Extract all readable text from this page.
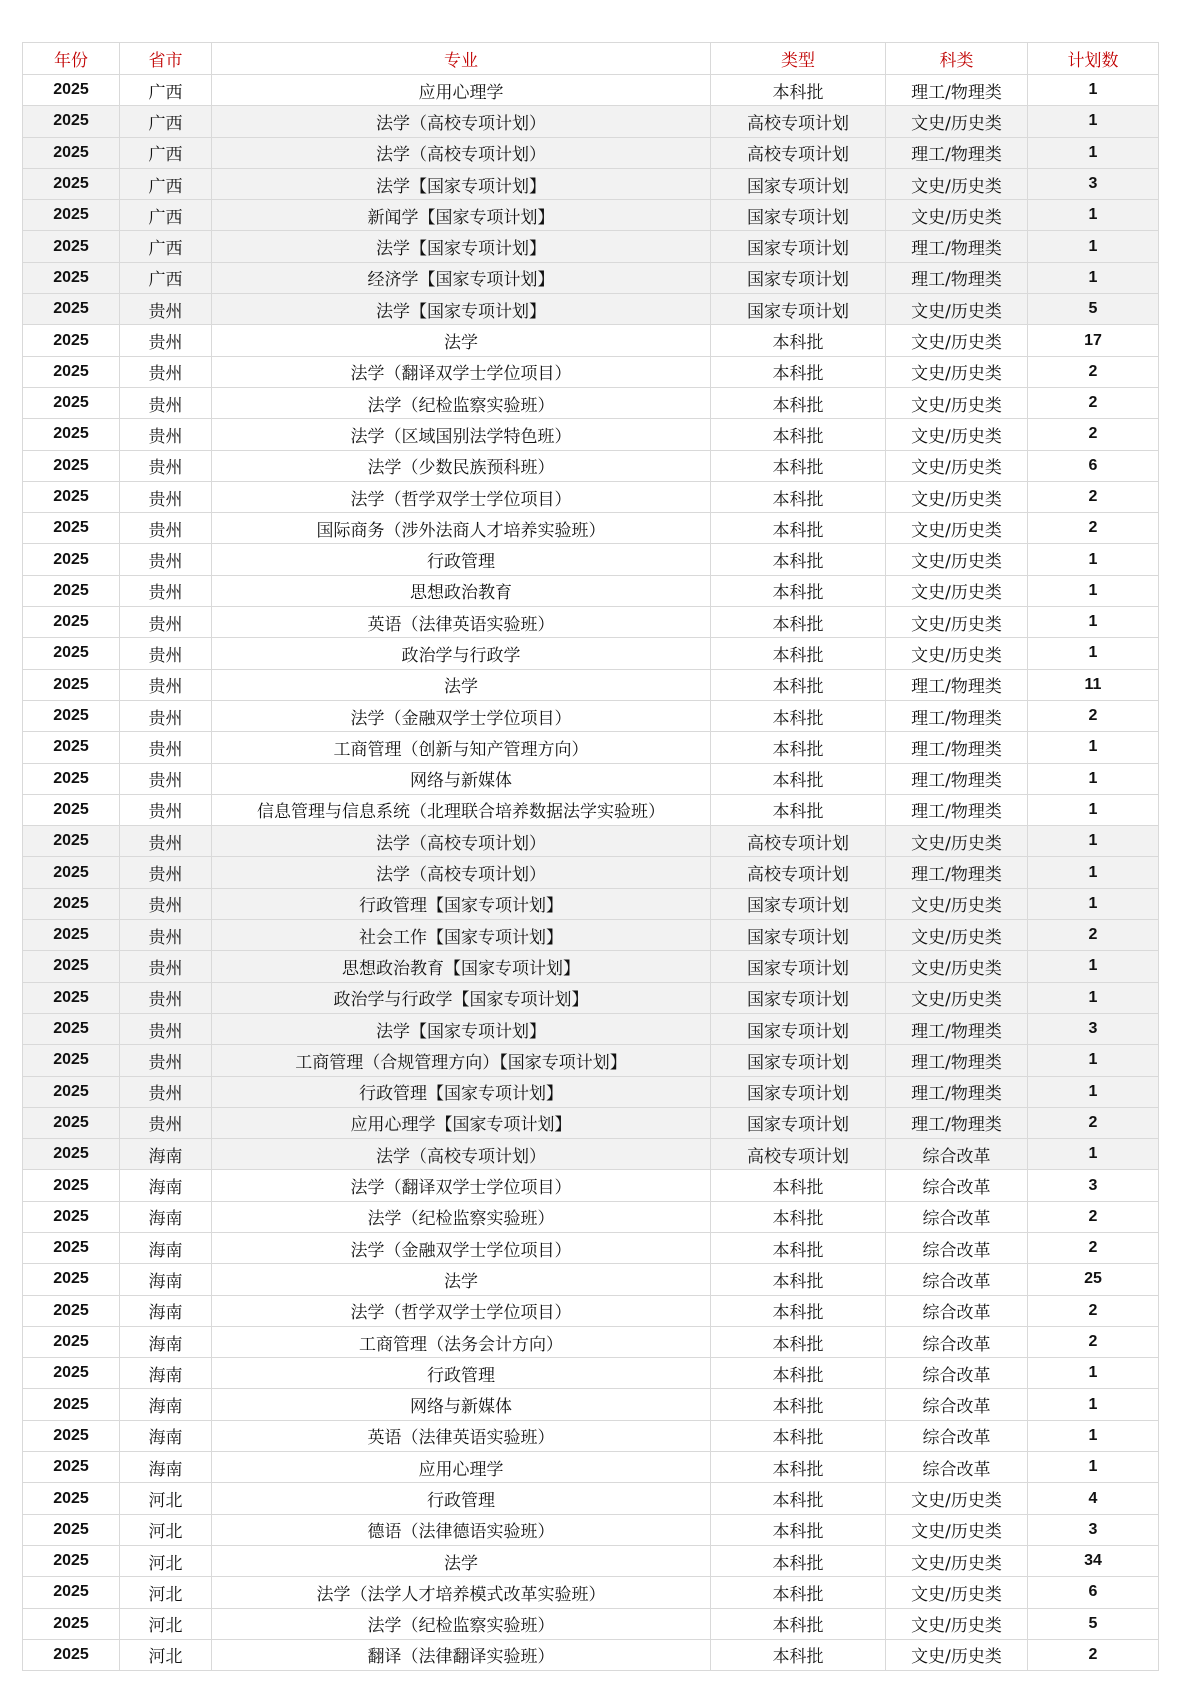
年份	省市	专业	类型	科类	计划数
2025	广西	应用心理学	本科批	理工/物理类	1
2025	广西	法学（高校专项计划）	高校专项计划	文史/历史类	1
2025	广西	法学（高校专项计划）	高校专项计划	理工/物理类	1
2025	广西	法学【国家专项计划】	国家专项计划	文史/历史类	3
2025	广西	新闻学【国家专项计划】	国家专项计划	文史/历史类	1
2025	广西	法学【国家专项计划】	国家专项计划	理工/物理类	1
2025	广西	经济学【国家专项计划】	国家专项计划	理工/物理类	1
2025	贵州	法学【国家专项计划】	国家专项计划	文史/历史类	5
2025	贵州	法学	本科批	文史/历史类	17
2025	贵州	法学（翻译双学士学位项目）	本科批	文史/历史类	2
2025	贵州	法学（纪检监察实验班）	本科批	文史/历史类	2
2025	贵州	法学（区域国别法学特色班）	本科批	文史/历史类	2
2025	贵州	法学（少数民族预科班）	本科批	文史/历史类	6
2025	贵州	法学（哲学双学士学位项目）	本科批	文史/历史类	2
2025	贵州	国际商务（涉外法商人才培养实验班）	本科批	文史/历史类	2
2025	贵州	行政管理	本科批	文史/历史类	1
2025	贵州	思想政治教育	本科批	文史/历史类	1
2025	贵州	英语（法律英语实验班）	本科批	文史/历史类	1
2025	贵州	政治学与行政学	本科批	文史/历史类	1
2025	贵州	法学	本科批	理工/物理类	11
2025	贵州	法学（金融双学士学位项目）	本科批	理工/物理类	2
2025	贵州	工商管理（创新与知产管理方向）	本科批	理工/物理类	1
2025	贵州	网络与新媒体	本科批	理工/物理类	1
2025	贵州	信息管理与信息系统（北理联合培养数据法学实验班）	本科批	理工/物理类	1
2025	贵州	法学（高校专项计划）	高校专项计划	文史/历史类	1
2025	贵州	法学（高校专项计划）	高校专项计划	理工/物理类	1
2025	贵州	行政管理【国家专项计划】	国家专项计划	文史/历史类	1
2025	贵州	社会工作【国家专项计划】	国家专项计划	文史/历史类	2
2025	贵州	思想政治教育【国家专项计划】	国家专项计划	文史/历史类	1
2025	贵州	政治学与行政学【国家专项计划】	国家专项计划	文史/历史类	1
2025	贵州	法学【国家专项计划】	国家专项计划	理工/物理类	3
2025	贵州	工商管理（合规管理方向）【国家专项计划】	国家专项计划	理工/物理类	1
2025	贵州	行政管理【国家专项计划】	国家专项计划	理工/物理类	1
2025	贵州	应用心理学【国家专项计划】	国家专项计划	理工/物理类	2
2025	海南	法学（高校专项计划）	高校专项计划	综合改革	1
2025	海南	法学（翻译双学士学位项目）	本科批	综合改革	3
2025	海南	法学（纪检监察实验班）	本科批	综合改革	2
2025	海南	法学（金融双学士学位项目）	本科批	综合改革	2
2025	海南	法学	本科批	综合改革	25
2025	海南	法学（哲学双学士学位项目）	本科批	综合改革	2
2025	海南	工商管理（法务会计方向）	本科批	综合改革	2
2025	海南	行政管理	本科批	综合改革	1
2025	海南	网络与新媒体	本科批	综合改革	1
2025	海南	英语（法律英语实验班）	本科批	综合改革	1
2025	海南	应用心理学	本科批	综合改革	1
2025	河北	行政管理	本科批	文史/历史类	4
2025	河北	德语（法律德语实验班）	本科批	文史/历史类	3
2025	河北	法学	本科批	文史/历史类	34
2025	河北	法学（法学人才培养模式改革实验班）	本科批	文史/历史类	6
2025	河北	法学（纪检监察实验班）	本科批	文史/历史类	5
2025	河北	翻译（法律翻译实验班）	本科批	文史/历史类	2
